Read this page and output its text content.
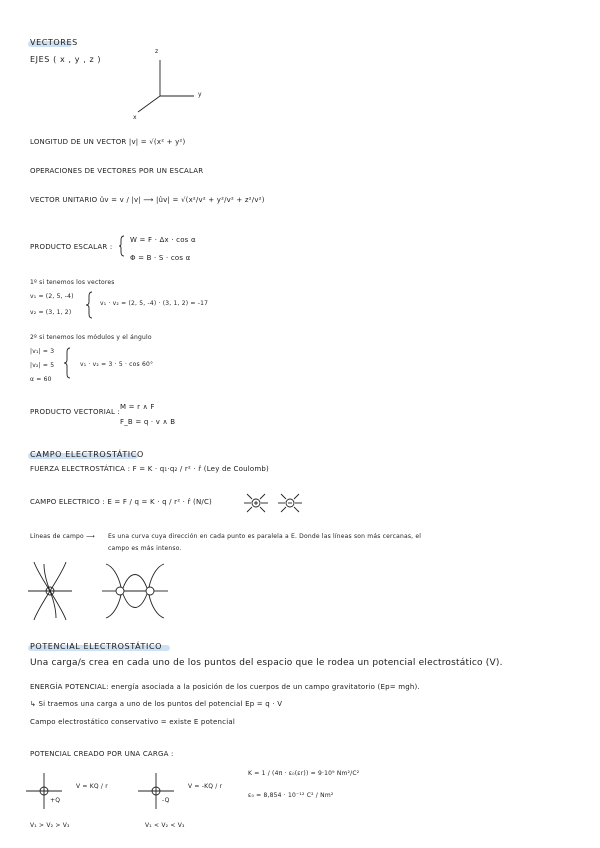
VECTORES
EJES ( x , y , z )
z
y
x
LONGITUD DE UN VECTOR |v| = √(x² + y²)
OPERACIONES DE VECTORES POR UN ESCALAR
VECTOR UNITARIO ûv = v / |v| ⟶ |ûv| = √(x²/v² + y²/v² + z²/v²)
PRODUCTO ESCALAR :
W = F · Δx · cos α
Φ = B · S · cos α
1º si tenemos los vectores
v₁ = (2, 5, -4)
v₂ = (3, 1, 2)
v₁ · v₂ = (2, 5, -4) · (3, 1, 2) = -17
2º si tenemos los módulos y el ángulo
|v₁| = 3
|v₂| = 5
α = 60
v₁ · v₂ = 3 · 5 · cos 60°
PRODUCTO VECTORIAL :
M = r ∧ F
F_B = q · v ∧ B
CAMPO ELECTROSTÁTICO
FUERZA ELECTROSTÁTICA : F = K · q₁·q₂ / r² · r̂ (Ley de Coulomb)
CAMPO ELECTRICO : E = F / q = K · q / r² · r̂ (N/C)
Líneas de campo ⟶ Es una curva cuya dirección en cada punto es paralela a E. Donde las líneas son más cercanas, el
campo es más intenso.
POTENCIAL ELECTROSTÁTICO
Una carga/s crea en cada uno de los puntos del espacio que le rodea un potencial electrostático (V).
ENERGÍA POTENCIAL: energía asociada a la posición de los cuerpos de un campo gravitatorio (Ep= mgh).
↳ Si traemos una carga a uno de los puntos del potencial Ep = q · V
Campo electrostático conservativo = existe E potencial
POTENCIAL CREADO POR UNA CARGA :
V = KQ / r	V = -KQ / r
+Q	-Q
K = 1 / (4π · ε₀(εr)) = 9·10⁹ Nm²/C²
ε₀ = 8,854 · 10⁻¹² C² / Nm²
V₁ > V₂ > V₃	V₁ < V₂ < V₃
